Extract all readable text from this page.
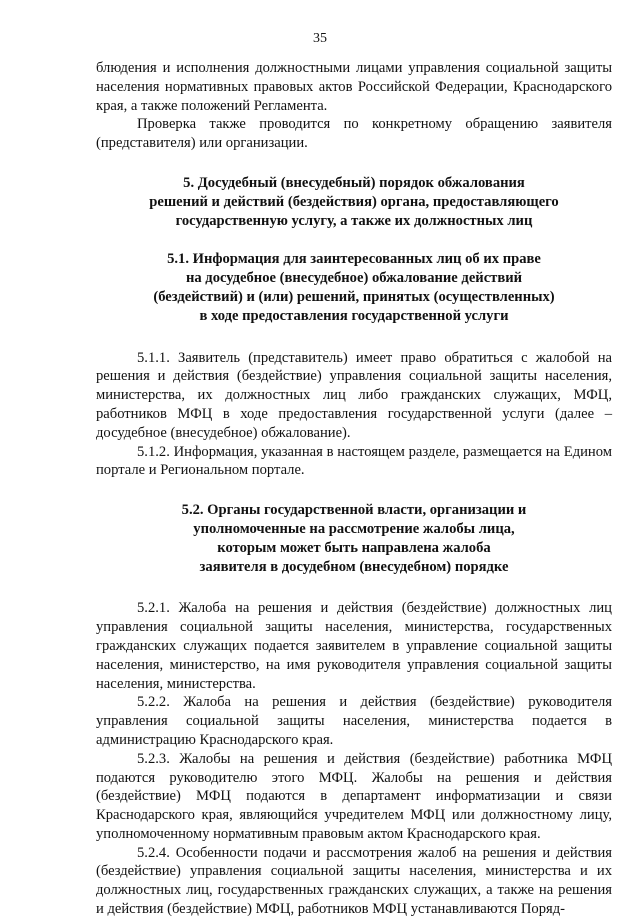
35

блюдения и исполнения должностными лицами управления социальной защиты населения нормативных правовых актов Российской Федерации, Краснодарского края, а также положений Регламента.

Проверка также проводится по конкретному обращению заявителя (представителя) или организации.

5. Досудебный (внесудебный) порядок обжалования
решений и действий (бездействия) органа, предоставляющего
государственную услугу, а также их должностных лиц
5.1. Информация для заинтересованных лиц об их праве
на досудебное (внесудебное) обжалование действий
(бездействий) и (или) решений, принятых (осуществленных)
в ходе предоставления государственной услуги

5.1.1. Заявитель (представитель) имеет право обратиться с жалобой на решения и действия (бездействие) управления социальной защиты населения, министерства, их должностных лиц либо гражданских служащих, МФЦ, работников МФЦ в ходе предоставления государственной услуги (далее – досудебное (внесудебное) обжалование).

5.1.2. Информация, указанная в настоящем разделе, размещается на Едином портале и Региональном портале.

5.2. Органы государственной власти, организации и
уполномоченные на рассмотрение жалобы лица,
которым может быть направлена жалоба
заявителя в досудебном (внесудебном) порядке

5.2.1. Жалоба на решения и действия (бездействие) должностных лиц управления социальной защиты населения, министерства, государственных гражданских служащих подается заявителем в управление социальной защиты населения, министерство, на имя руководителя управления социальной защиты населения, министерства.

5.2.2. Жалоба на решения и действия (бездействие) руководителя управления социальной защиты населения, министерства подается в администрацию Краснодарского края.

5.2.3. Жалобы на решения и действия (бездействие) работника МФЦ подаются руководителю этого МФЦ. Жалобы на решения и действия (бездействие) МФЦ подаются в департамент информатизации и связи Краснодарского края, являющийся учредителем МФЦ или должностному лицу, уполномоченному нормативным правовым актом Краснодарского края.

5.2.4. Особенности подачи и рассмотрения жалоб на решения и действия (бездействие) управления социальной защиты населения, министерства и их должностных лиц, государственных гражданских служащих, а также на решения и действия (бездействие) МФЦ, работников МФЦ устанавливаются Поряд-
